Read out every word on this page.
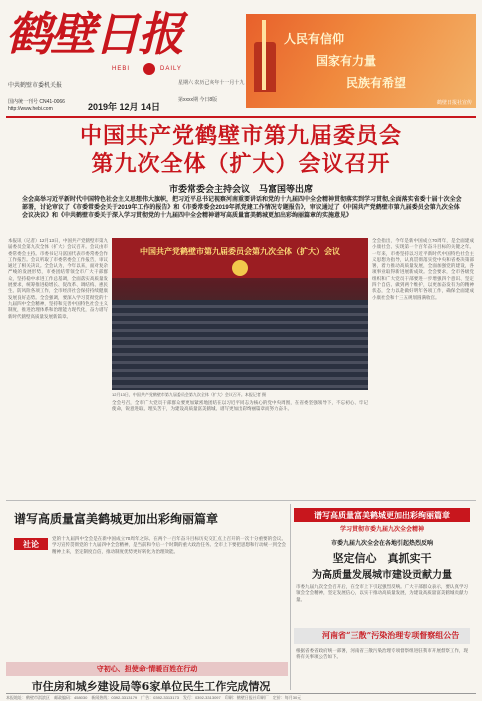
鹤壁日报
HEBI	DAILY
中共鹤壁市委机关报
国内统一刊号 CN41-0066
http://www.hebi.com	2019年 12月 14日
星期六 农历己亥年十一月十九
第xxxx期 今日8版
人民有信仰
国家有力量
民族有希望
鹤壁日报社宣传
中国共产党鹤壁市第九届委员会
第九次全体（扩大）会议召开
市委常委会主持会议　马富国等出席
全会高举习近平新时代中国特色社会主义思想伟大旗帜，把习近平总书记视察河南重要讲话和党的十九届四中全会精神贯彻落实到学习贯彻,全面落实省委十届十次全会部署，讨论审议了《市委常委会关于2019年工作的报告》和《市委常委会2019年抓党建工作情况专题报告》，审议通过了《中国共产党鹤壁市第九届委员会第九次全体会议决议》和《中共鹤壁市委关于深入学习贯彻党的十九届四中全会精神谱写高质量富美鹤城更加出彩绚丽篇章的实施意见》
本报讯（记者）12月13日，中国共产党鹤壁市第九届委员会第九次全体（扩大）会议召开。会议由市委常委会主持。市委书记马富国代表市委常委会作工作报告。会议听取了市委常委会工作报告，审议通过了相关决议。全会认为，今年以来，面对复杂严峻的发展形势，市委团结带领全市广大干部群众，坚持稳中求进工作总基调，全面落实高质量发展要求，统筹推进稳增长、促改革、调结构、惠民生、防风险各项工作，全市经济社会保持持续健康发展良好态势。全会强调，要深入学习贯彻党的十九届四中全会精神，坚持和完善中国特色社会主义制度，推进治理体系和治理能力现代化，奋力谱写新时代鹤壁高质量发展新篇章。
全会指出，今年是新中国成立70周年，是全面建成小康社会、实现第一个百年奋斗目标的关键之年。一年来，市委坚持以习近平新时代中国特色社会主义思想为指导，认真贯彻落实党中央和省委决策部署，着力推动高质量发展，全面加强党的建设，各项事业取得新进展新成效。全会要求，全市各级党组织和广大党员干部要进一步增强四个意识、坚定四个自信、做到两个维护，以更加奋发有为的精神状态，全力以赴做好明年各项工作，确保全面建成小康社会和十三五规划圆满收官。
全会号召，全市广大党员干部群众要更加紧密地团结在以习近平同志为核心的党中央周围，在省委坚强领导下，不忘初心、牢记使命，锐意进取、埋头苦干，为建设高质量富美鹤城、谱写更加出彩绚丽篇章而努力奋斗。
中国共产党鹤壁市第九届委员会第九次全体（扩大）会议
12月13日，中国共产党鹤壁市第九届委员会第九次全体（扩大）会议召开。本报记者 摄
谱写高质量富美鹤城更加出彩绚丽篇章
社论
党的十九届四中全会是在新中国成立70周年之际、在两个一百年奋斗目标历史交汇点上召开的一次十分重要的会议。学习宣传贯彻党的十九届四中全会精神，是当前和今后一个时期的重大政治任务。全市上下要把思想和行动统一到全会精神上来，坚定制度自信，推动制度优势更好转化为治理效能。
谱写高质量富美鹤城更加出彩绚丽篇章
学习贯彻市委九届九次全会精神
市委九届九次全会在各地引起热烈反响
坚定信心　真抓实干
为高质量发展城市建设贡献力量
市委九届九次全会召开后，在全市上下引起强烈反响。广大干部群众表示，要认真学习领会全会精神，坚定发展信心，以实干推动高质量发展，为建设高质量富美鹤城贡献力量。
河南省“三散”污染治理专项督察组公告
根据省委省政府统一部署，河南省三散污染治理专项督察组进驻我市开展督察工作，现将有关事项公告如下。
守初心、担使命·情暖百姓在行动
市住房和城乡建设局等6家单位民生工作完成情况
本报地址：鹤壁市淇滨区　邮政编码：458030　新闻热线：0392-3313179　广告：0392-3313173　发行：0392-3313097　印刷：鹤壁日报社印刷厂　定价：每月30元
